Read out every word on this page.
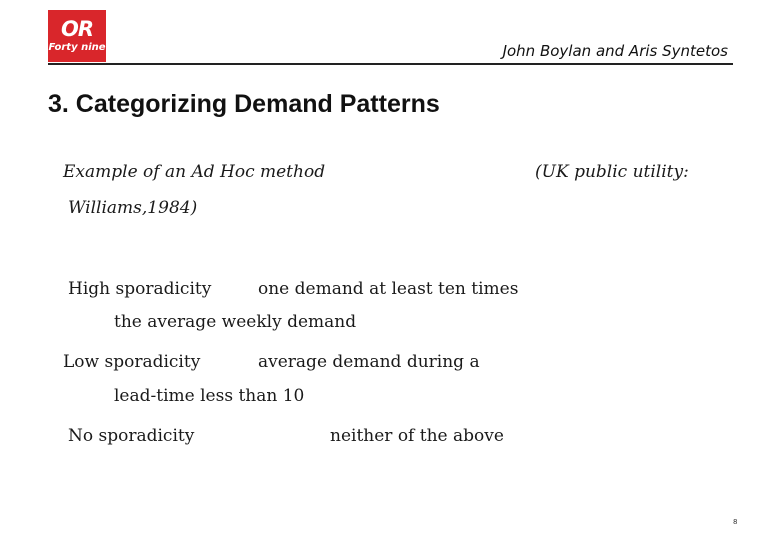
OR
Forty nine	John Boylan and Aris Syntetos
3. Categorizing Demand Patterns
Example of an Ad Hoc method	(UK public utility:
Williams,1984)
High sporadicity	one demand at least ten times
the average weekly demand
Low sporadicity	average demand during a
lead-time less than 10
No sporadicity	neither of the above
8
